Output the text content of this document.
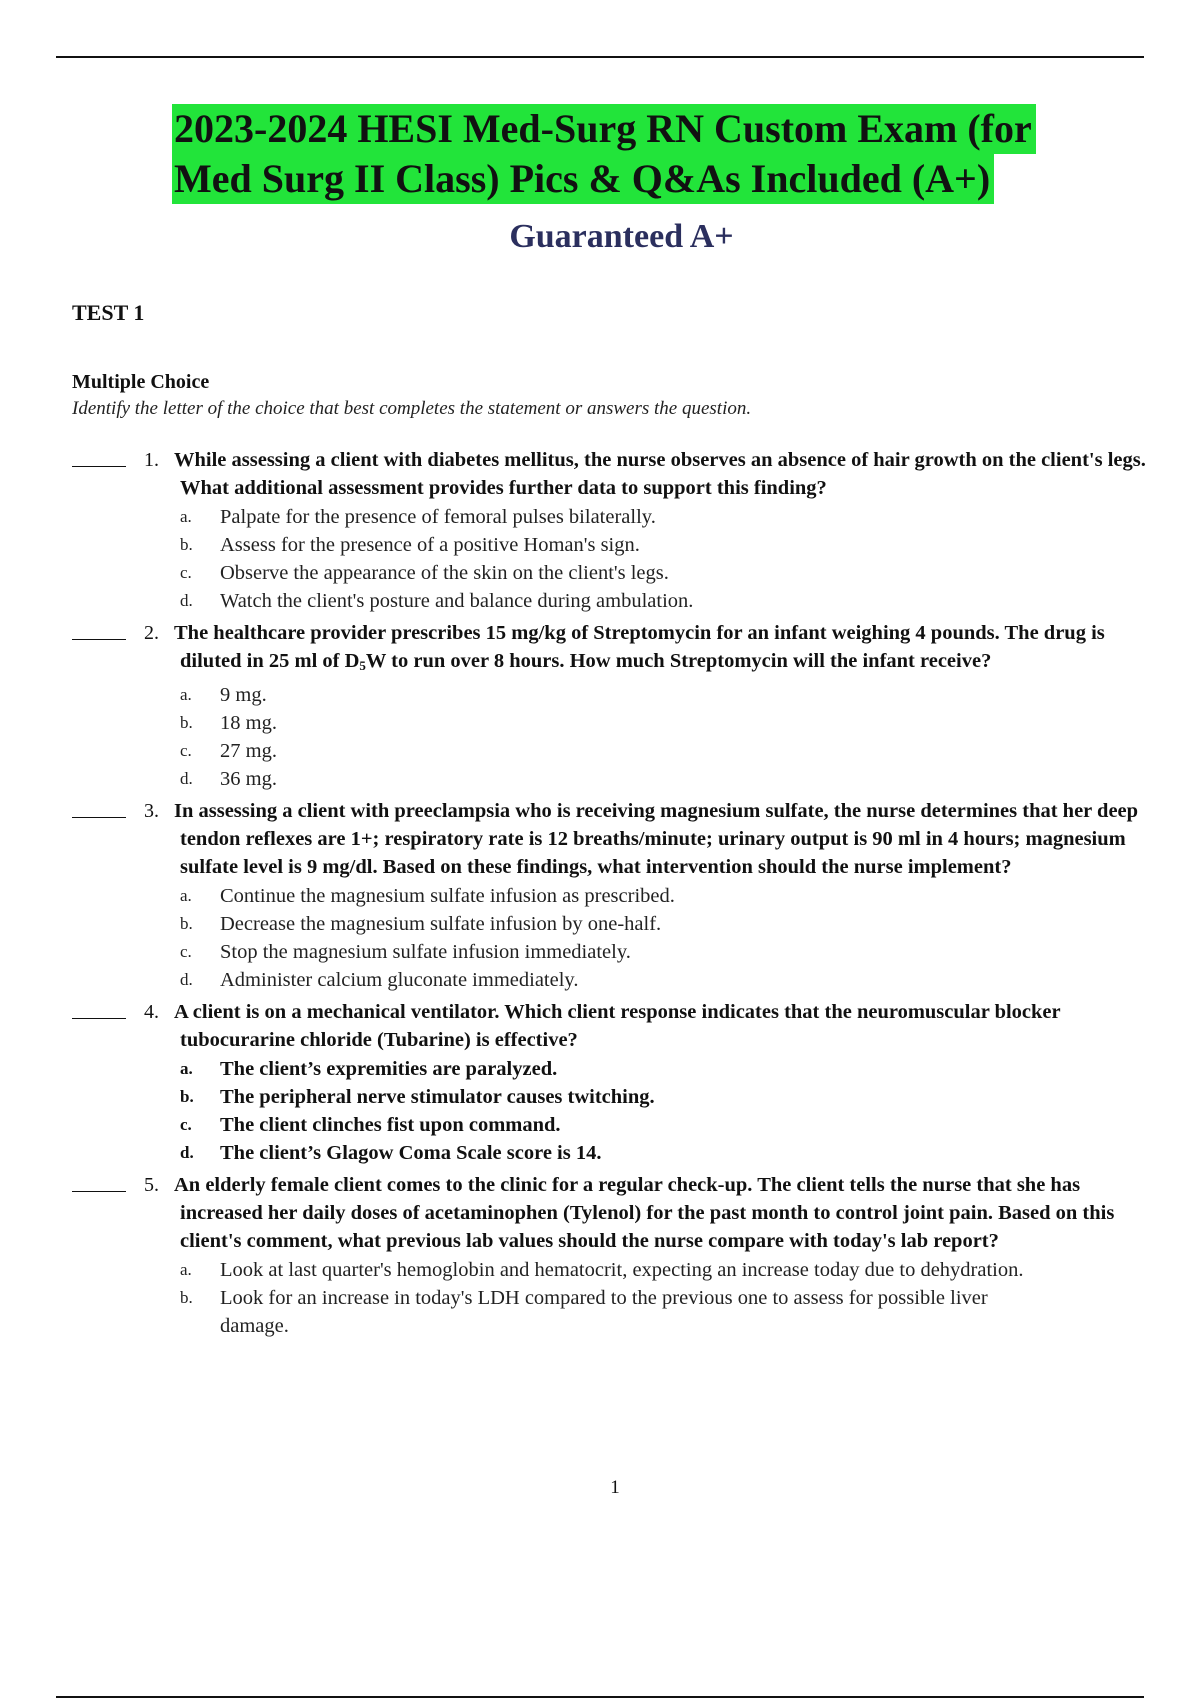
2023-2024 HESI Med-Surg RN Custom Exam (for
Med Surg II Class) Pics & Q&As Included (A+)
Guaranteed A+
TEST 1
Multiple Choice
Identify the letter of the choice that best completes the statement or answers the question.
1. While assessing a client with diabetes mellitus, the nurse observes an absence of hair growth on the client's legs. What additional assessment provides further data to support this finding?
a.	Palpate for the presence of femoral pulses bilaterally.
b.	Assess for the presence of a positive Homan's sign.
c.	Observe the appearance of the skin on the client's legs.
d.	Watch the client's posture and balance during ambulation.
2. The healthcare provider prescribes 15 mg/kg of Streptomycin for an infant weighing 4 pounds. The drug is diluted in 25 ml of $D_5W$ to run over 8 hours. How much Streptomycin will the infant receive?
a.	9 mg.
b.	18 mg.
c.	27 mg.
d.	36 mg.
3. In assessing a client with preeclampsia who is receiving magnesium sulfate, the nurse determines that her deep tendon reflexes are 1+; respiratory rate is 12 breaths/minute; urinary output is 90 ml in 4 hours; magnesium sulfate level is 9 mg/dl. Based on these findings, what intervention should the nurse implement?
a.	Continue the magnesium sulfate infusion as prescribed.
b.	Decrease the magnesium sulfate infusion by one-half.
c.	Stop the magnesium sulfate infusion immediately.
d.	Administer calcium gluconate immediately.
4. A client is on a mechanical ventilator. Which client response indicates that the neuromuscular blocker tubocurarine chloride (Tubarine) is effective?
a.	The client’s expremities are paralyzed.
b.	The peripheral nerve stimulator causes twitching.
c.	The client clinches fist upon command.
d.	The client’s Glagow Coma Scale score is 14.
5. An elderly female client comes to the clinic for a regular check-up. The client tells the nurse that she has increased her daily doses of acetaminophen (Tylenol) for the past month to control joint pain. Based on this client's comment, what previous lab values should the nurse compare with today's lab report?
a.	Look at last quarter's hemoglobin and hematocrit, expecting an increase today due to dehydration.
b.	Look for an increase in today's LDH compared to the previous one to assess for possible liver damage.
1
